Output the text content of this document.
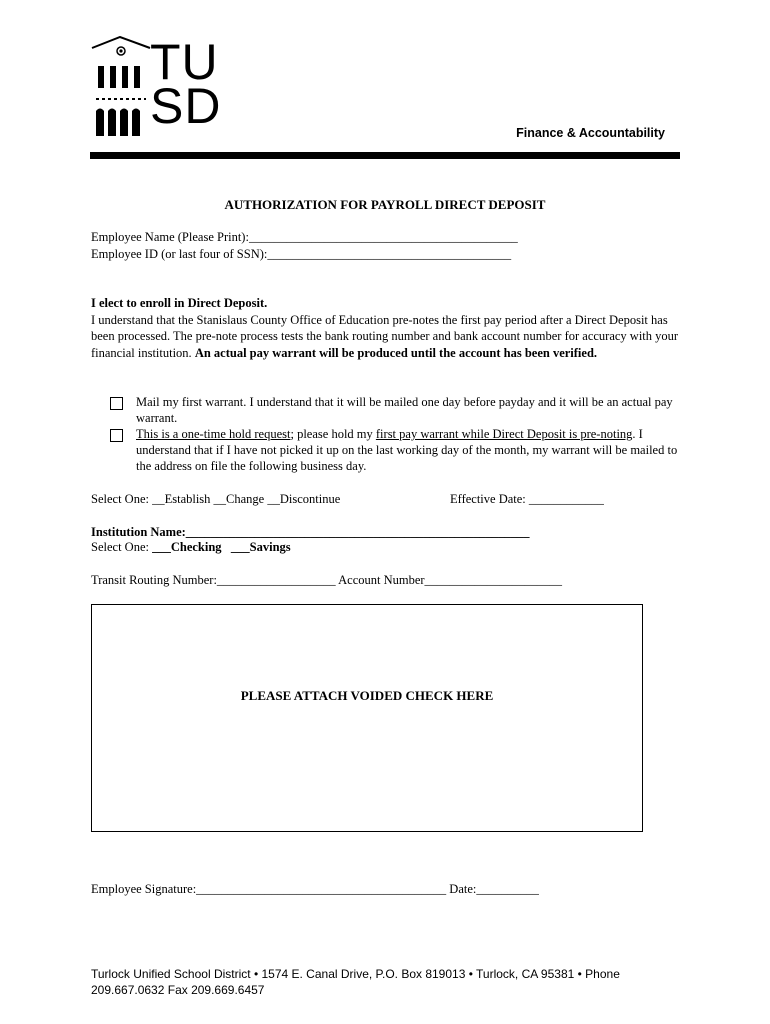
TU
SD	Finance & Accountability
AUTHORIZATION FOR PAYROLL DIRECT DEPOSIT
Employee Name (Please Print):___________________________________________
Employee ID (or last four of SSN):_______________________________________
I elect to enroll in Direct Deposit.
I understand that the Stanislaus County Office of Education pre-notes the first pay period after a Direct Deposit has been processed. The pre-note process tests the bank routing number and bank account number for accuracy with your financial institution. An actual pay warrant will be produced until the account has been verified.
Mail my first warrant. I understand that it will be mailed one day before payday and it will be an actual pay warrant.
This is a one-time hold request; please hold my first pay warrant while Direct Deposit is pre-noting. I understand that if I have not picked it up on the last working day of the month, my warrant will be mailed to the address on file the following business day.
Select One: __Establish __Change __Discontinue	Effective Date: ____________
Institution Name:_______________________________________________________
Select One: ___Checking ___Savings
Transit Routing Number:___________________ Account Number______________________
PLEASE ATTACH VOIDED CHECK HERE
Employee Signature:________________________________________ Date:__________
Turlock Unified School District • 1574 E. Canal Drive, P.O. Box 819013 • Turlock, CA 95381 • Phone
209.667.0632 Fax 209.669.6457
